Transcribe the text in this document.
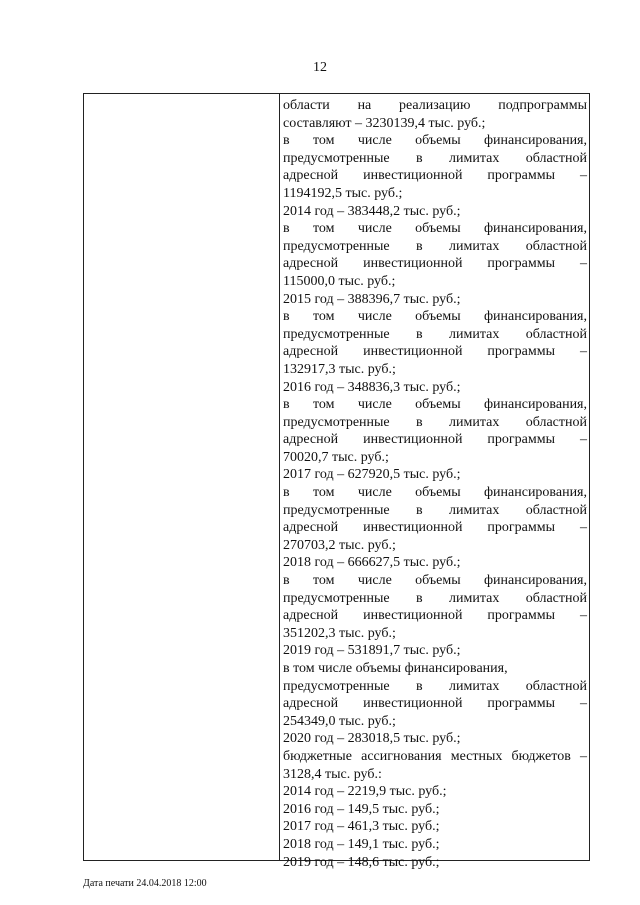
12
области на реализацию подпрограммы
составляют – 3230139,4 тыс. руб.;
в том числе объемы финансирования,
предусмотренные в лимитах областной
адресной инвестиционной программы –
1194192,5 тыс. руб.;
2014 год – 383448,2 тыс. руб.;
в том числе объемы финансирования,
предусмотренные в лимитах областной
адресной инвестиционной программы –
115000,0 тыс. руб.;
2015 год – 388396,7 тыс. руб.;
в том числе объемы финансирования,
предусмотренные в лимитах областной
адресной инвестиционной программы –
132917,3 тыс. руб.;
2016 год – 348836,3 тыс. руб.;
в том числе объемы финансирования,
предусмотренные в лимитах областной
адресной инвестиционной программы –
70020,7 тыс. руб.;
2017 год – 627920,5 тыс. руб.;
в том числе объемы финансирования,
предусмотренные в лимитах областной
адресной инвестиционной программы –
270703,2 тыс. руб.;
2018 год – 666627,5 тыс. руб.;
в том числе объемы финансирования,
предусмотренные в лимитах областной
адресной инвестиционной программы –
351202,3 тыс. руб.;
2019 год – 531891,7 тыс. руб.;
в том числе объемы финансирования,
предусмотренные в лимитах областной
адресной инвестиционной программы –
254349,0 тыс. руб.;
2020 год – 283018,5 тыс. руб.;
бюджетные ассигнования местных бюджетов –
3128,4 тыс. руб.:
2014 год – 2219,9 тыс. руб.;
2016 год – 149,5 тыс. руб.;
2017 год – 461,3 тыс. руб.;
2018 год – 149,1 тыс. руб.;
2019 год – 148,6 тыс. руб.;
Дата печати 24.04.2018 12:00
